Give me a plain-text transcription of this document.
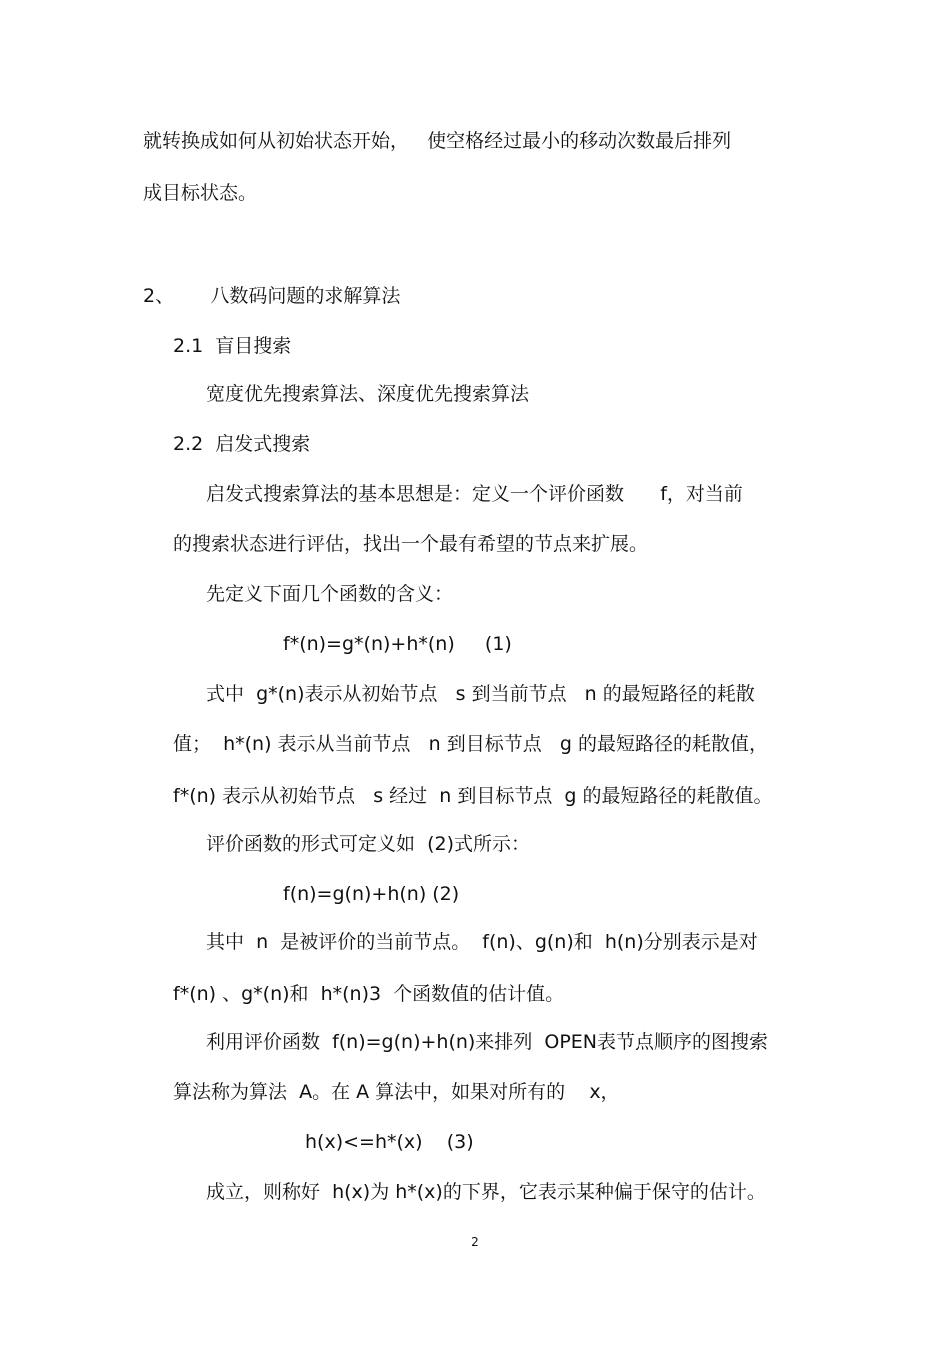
就转换成如何从初始状态开始，   使空格经过最小的移动次数最后排列
成目标状态。
2、      八数码问题的求解算法
2.1  盲目搜索
宽度优先搜索算法、深度优先搜索算法
2.2  启发式搜索
启发式搜索算法的基本思想是：定义一个评价函数      f，对当前
的搜索状态进行评估，找出一个最有希望的节点来扩展。
先定义下面几个函数的含义：
f*(n)=g*(n)+h*(n)     (1)
式中  g*(n)表示从初始节点   s 到当前节点   n 的最短路径的耗散
值；  h*(n) 表示从当前节点   n 到目标节点   g 的最短路径的耗散值，
f*(n) 表示从初始节点   s 经过  n 到目标节点  g 的最短路径的耗散值。
评价函数的形式可定义如  (2)式所示：
f(n)=g(n)+h(n) (2)
其中  n  是被评价的当前节点。  f(n)、g(n)和  h(n)分别表示是对
f*(n) 、g*(n)和  h*(n)3  个函数值的估计值。
利用评价函数  f(n)=g(n)+h(n)来排列  OPEN表节点顺序的图搜索
算法称为算法  A。在 A 算法中，如果对所有的    x，
h(x)<=h*(x)    (3)
成立，则称好  h(x)为 h*(x)的下界，它表示某种偏于保守的估计。
2
